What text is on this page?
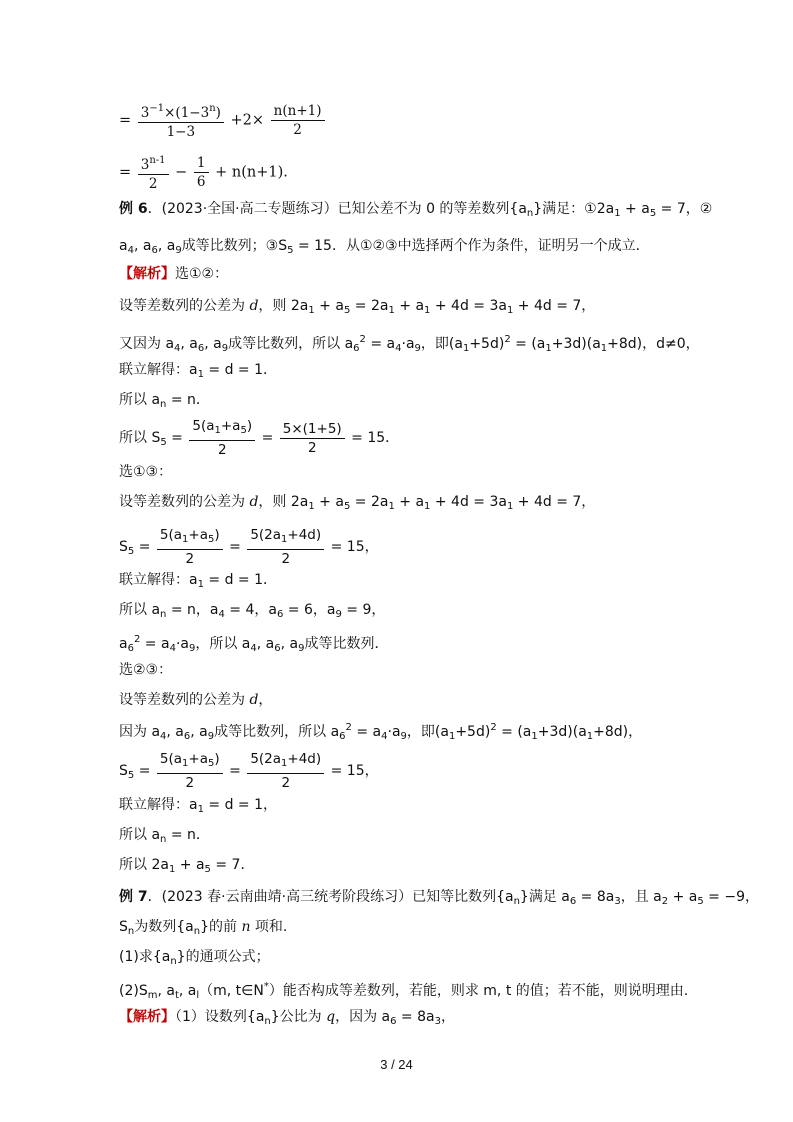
= $\frac{3^{-1}\times(1-3^n)}{1-3} +2\times \frac{n(n+1)}{2}$
= $\frac{3^{n-1}}{2} - \frac{1}{6} + n(n+1)$.
例 6．(2023·全国·高二专题练习）已知公差不为 0 的等差数列$\{a_n\}$满足：$①2a_1 + a_5 = 7$，②
$a_4$, $a_6$, $a_9$成等比数列；$③S_5 = 15$．从①②③中选择两个作为条件，证明另一个成立．
【解析】选①②：
设等差数列的公差为 d，则 $2a_1 + a_5 = 2a_1 + a_1 + 4d = 3a_1 + 4d = 7$，
又因为 $a_4$, $a_6$, $a_9$成等比数列，所以 $a_6^2 = a_4\cdot a_9$，即$(a_1+5d)^2 = (a_1+3d)(a_1+8d)$，d≠0，
联立解得：$a_1 = d = 1$．
所以 $a_n = n$．
所以 $S_5 = \frac{5(a_1+a_5)}{2} = \frac{5\times(1+5)}{2} = 15$．
选①③：
设等差数列的公差为 d，则 $2a_1 + a_5 = 2a_1 + a_1 + 4d = 3a_1 + 4d = 7$，
$S_5 = \frac{5(a_1+a_5)}{2} = \frac{5(2a_1+4d)}{2} = 15$，
联立解得：$a_1 = d = 1$．
所以 $a_n = n$，$a_4 = 4$，$a_6 = 6$，$a_9 = 9$，
$a_6^2 = a_4\cdot a_9$，所以 $a_4$, $a_6$, $a_9$成等比数列．
选②③：
设等差数列的公差为 d，
因为 $a_4$, $a_6$, $a_9$成等比数列，所以 $a_6^2 = a_4\cdot a_9$，即$(a_1+5d)^2 = (a_1+3d)(a_1+8d)$，
$S_5 = \frac{5(a_1+a_5)}{2} = \frac{5(2a_1+4d)}{2} = 15$，
联立解得：$a_1 = d = 1$，
所以 $a_n = n$．
所以 $2a_1 + a_5 = 7$．
例 7．(2023 春·云南曲靖·高三统考阶段练习）已知等比数列$\{a_n\}$满足 $a_6 = 8a_3$，且 $a_2 + a_5 = -9$，
$S_n$为数列$\{a_n\}$的前 n 项和.
(1)求$\{a_n\}$的通项公式；
$(2)S_m$, $a_t$, $a_l(m$, t∈N*）能否构成等差数列，若能，则求 m, t 的值；若不能，则说明理由.
【解析】（1）设数列$\{a_n\}$公比为 q，因为 $a_6 = 8a_3$，
3 / 24
